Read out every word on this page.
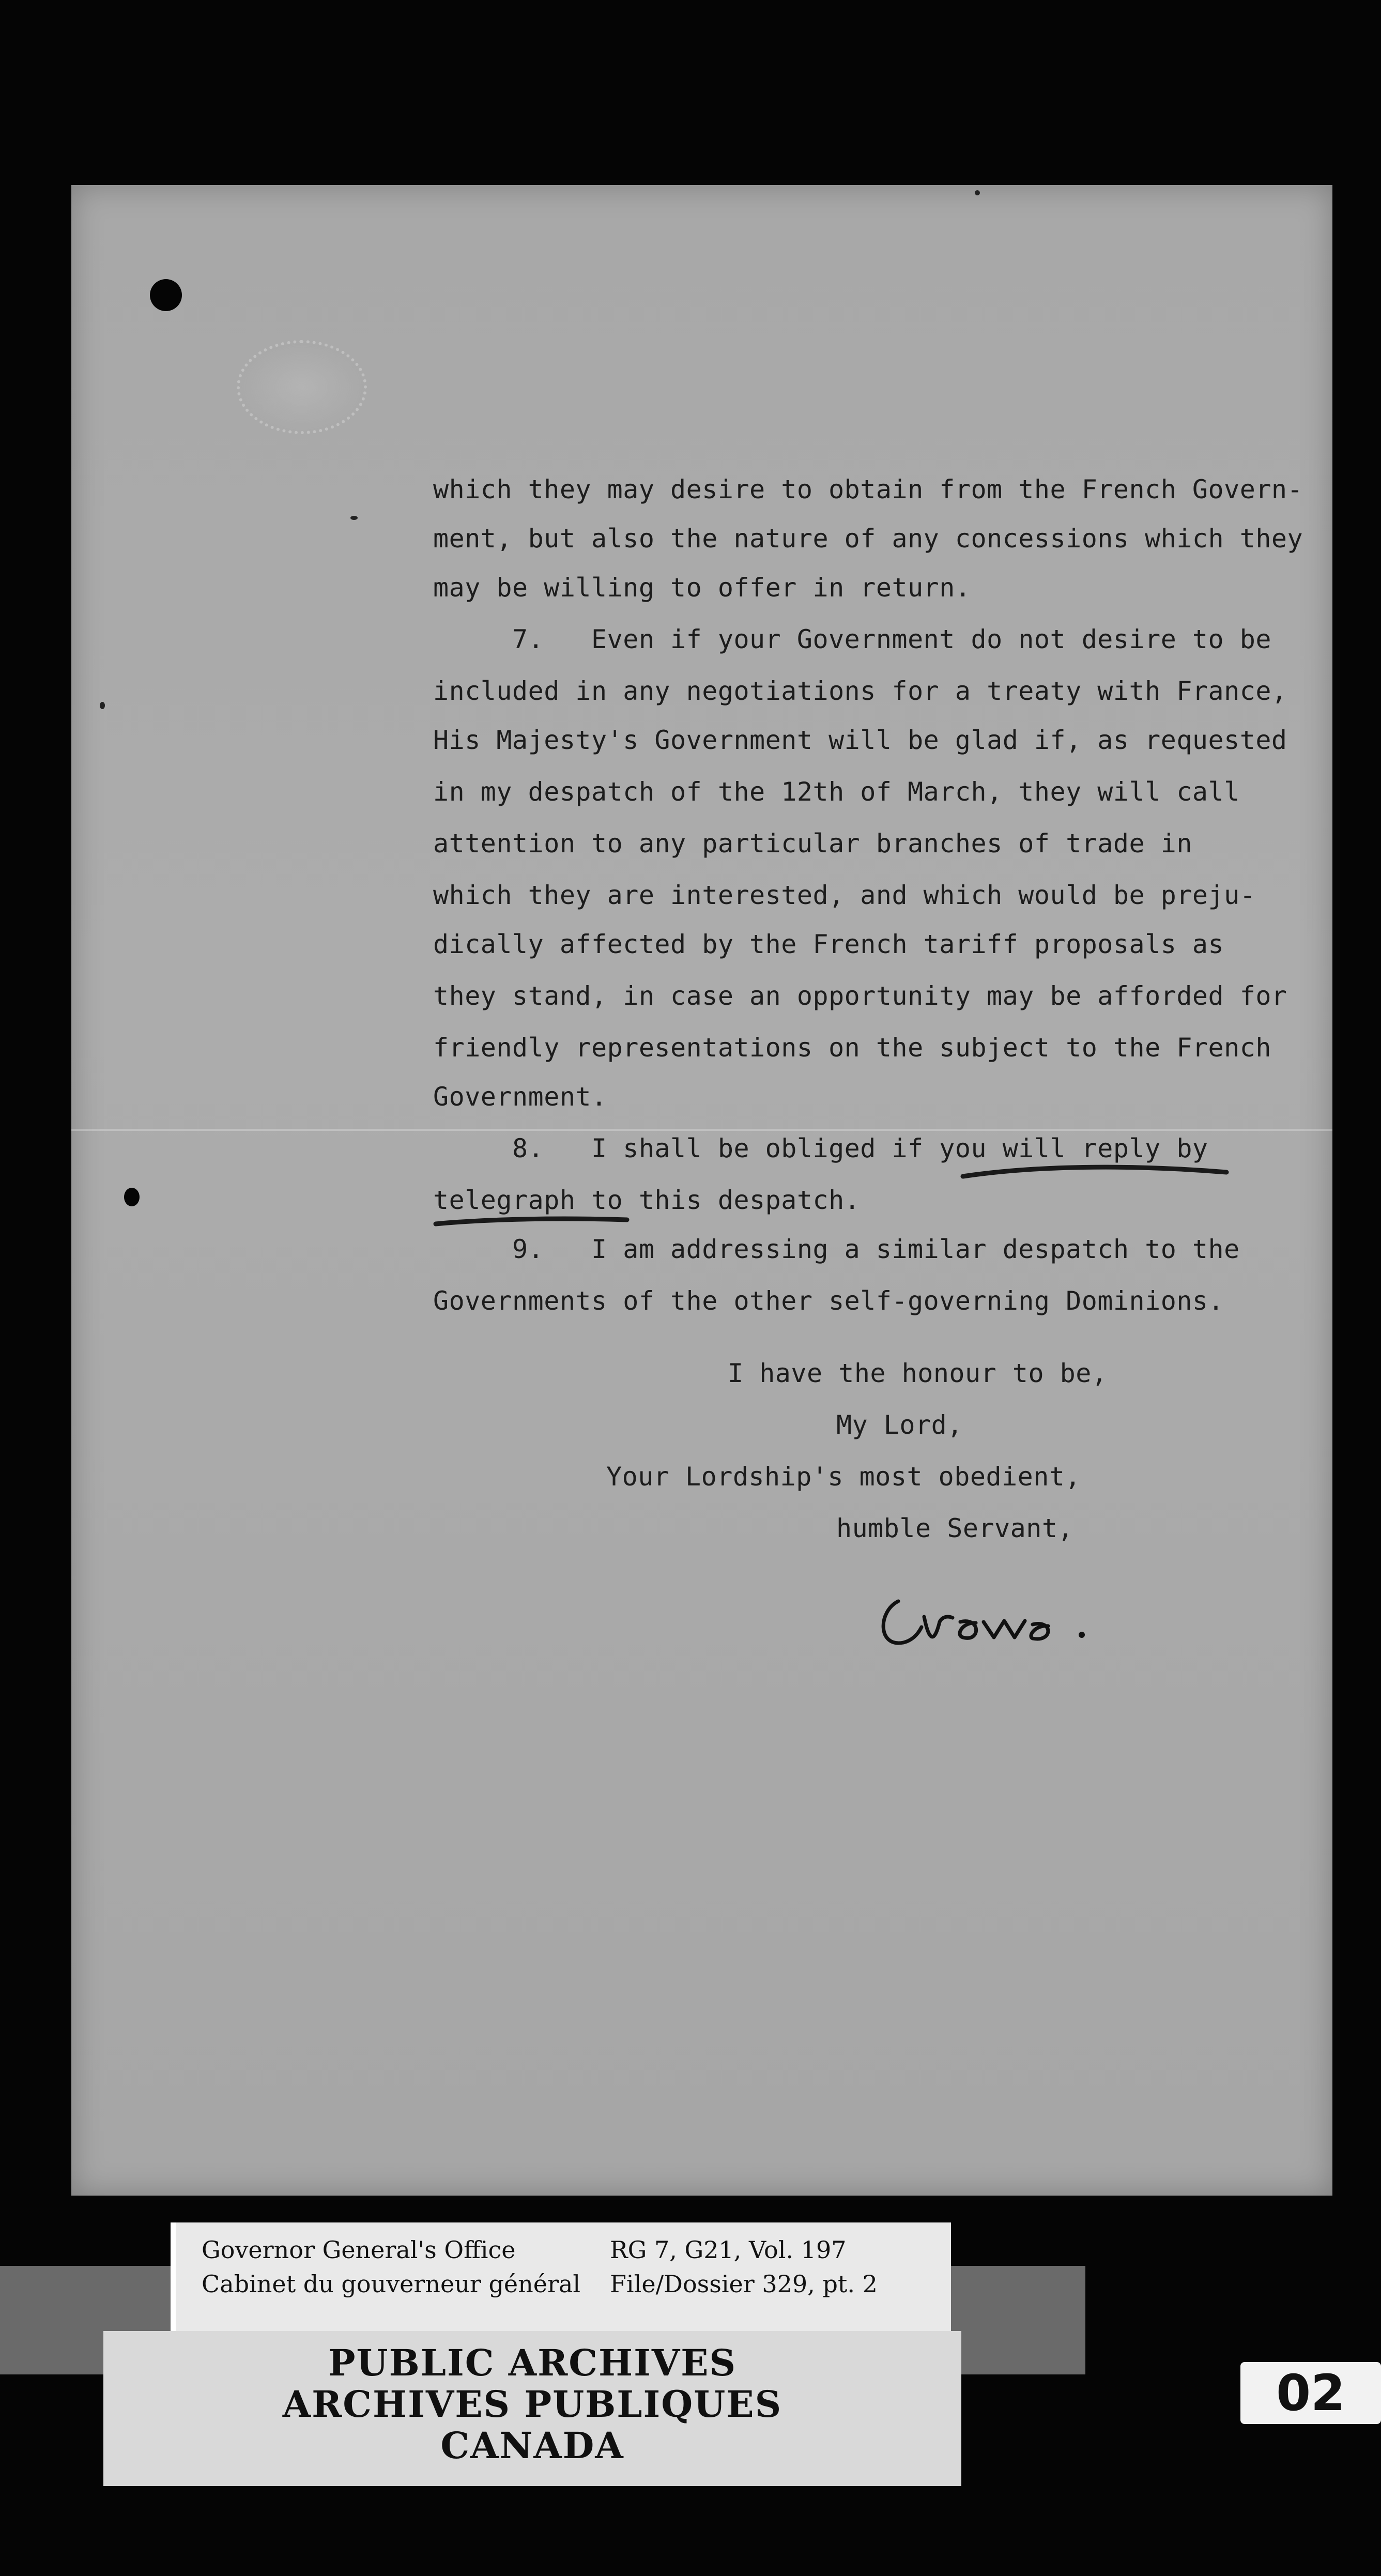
which they may desire to obtain from the French Govern-
ment, but also the nature of any concessions which they
may be willing to offer in return.
7.   Even if your Government do not desire to be
included in any negotiations for a treaty with France,
His Majesty's Government will be glad if, as requested
in my despatch of the 12th of March, they will call
attention to any particular branches of trade in
which they are interested, and which would be preju-
dically affected by the French tariff proposals as
they stand, in case an opportunity may be afforded for
friendly representations on the subject to the French
Government.
8.   I shall be obliged if you will reply by
telegraph to this despatch.
9.   I am addressing a similar despatch to the
Governments of the other self-governing Dominions.
I have the honour to be,
My Lord,
Your Lordship's most obedient,
humble Servant,
Governor General's Office
Cabinet du gouverneur général
RG 7, G21, Vol. 197
File/Dossier 329, pt. 2
PUBLIC ARCHIVES
ARCHIVES PUBLIQUES
CANADA
02
